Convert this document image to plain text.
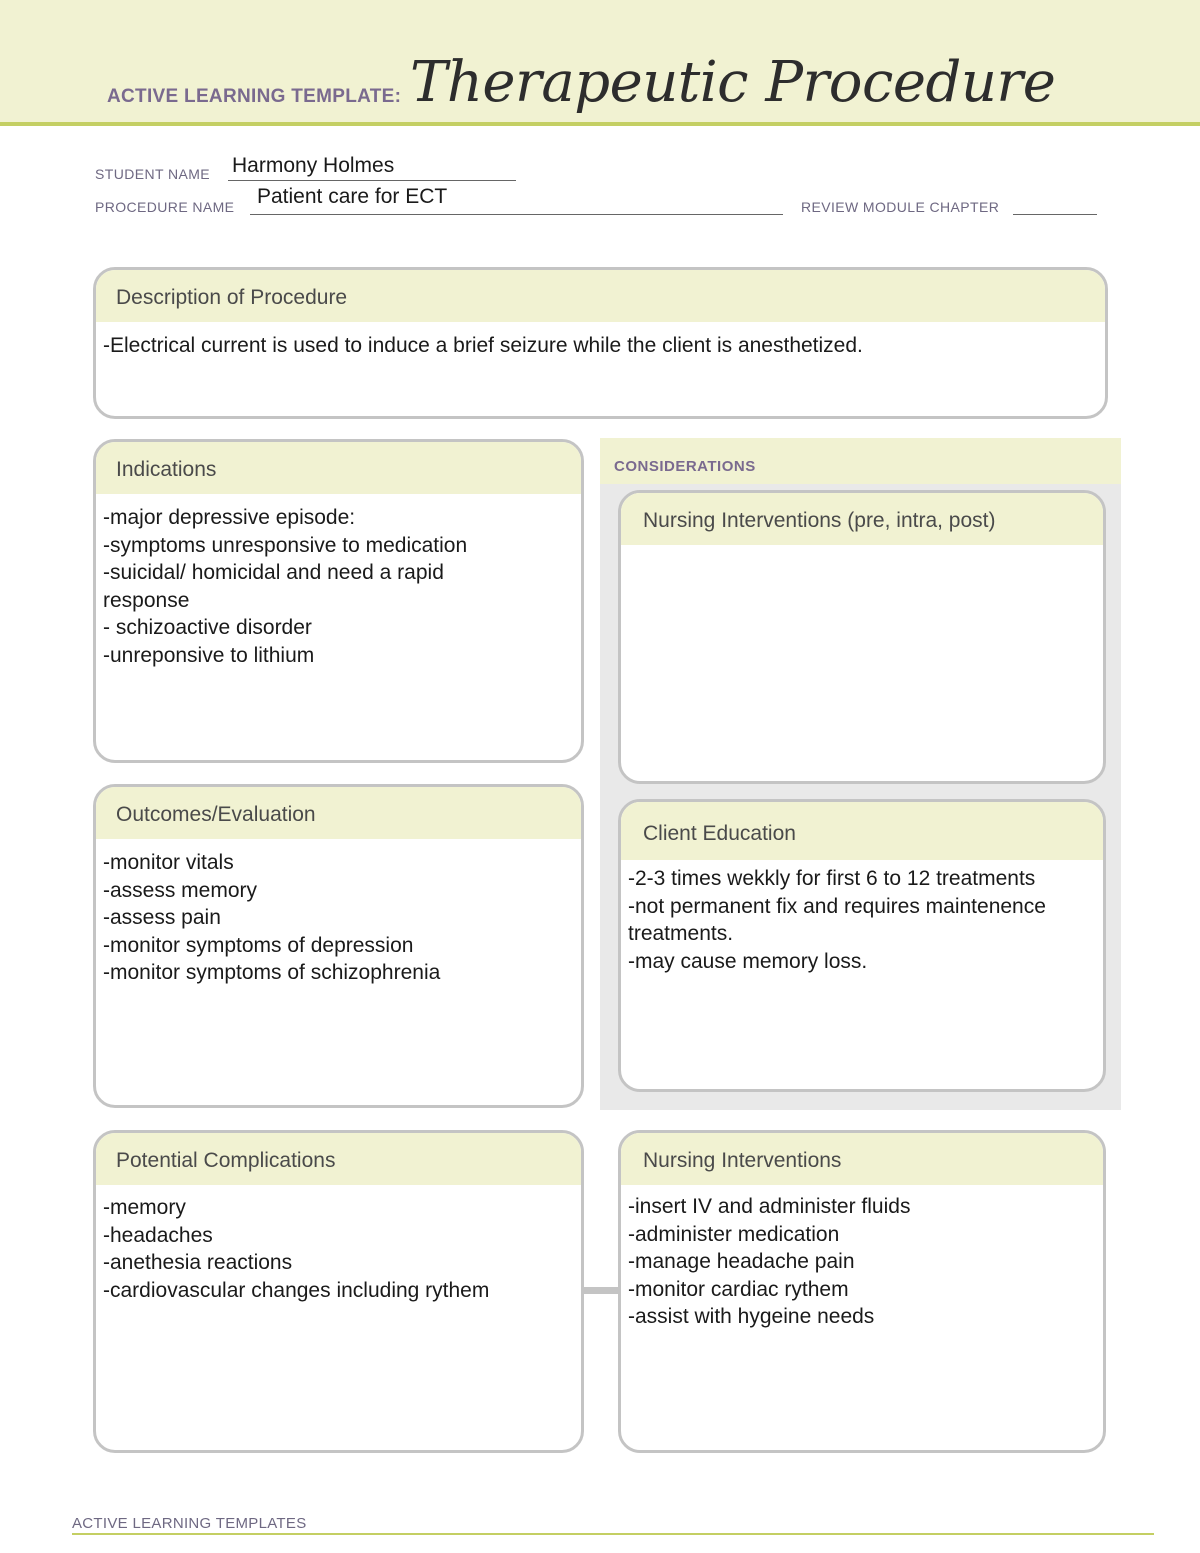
ACTIVE LEARNING TEMPLATE: Therapeutic Procedure
STUDENT NAME Harmony Holmes
PROCEDURE NAME Patient care for ECT	REVIEW MODULE CHAPTER
Description of Procedure
-Electrical current is used to induce a brief seizure while the client is anesthetized.
Indications
-major depressive episode:
-symptoms unresponsive to medication
-suicidal/ homicidal and need a rapid
response
- schizoactive disorder
-unreponsive to lithium
CONSIDERATIONS
Nursing Interventions (pre, intra, post)
Client Education
-2-3 times wekkly for first 6 to 12 treatments
-not permanent fix and requires maintenence
treatments.
-may cause memory loss.
Outcomes/Evaluation
-monitor vitals
-assess memory
-assess pain
-monitor symptoms of depression
-monitor symptoms of schizophrenia
Potential Complications
-memory
-headaches
-anethesia reactions
-cardiovascular changes including rythem
Nursing Interventions
-insert IV and administer fluids
-administer medication
-manage headache pain
-monitor cardiac rythem
-assist with hygeine needs
ACTIVE LEARNING TEMPLATES
